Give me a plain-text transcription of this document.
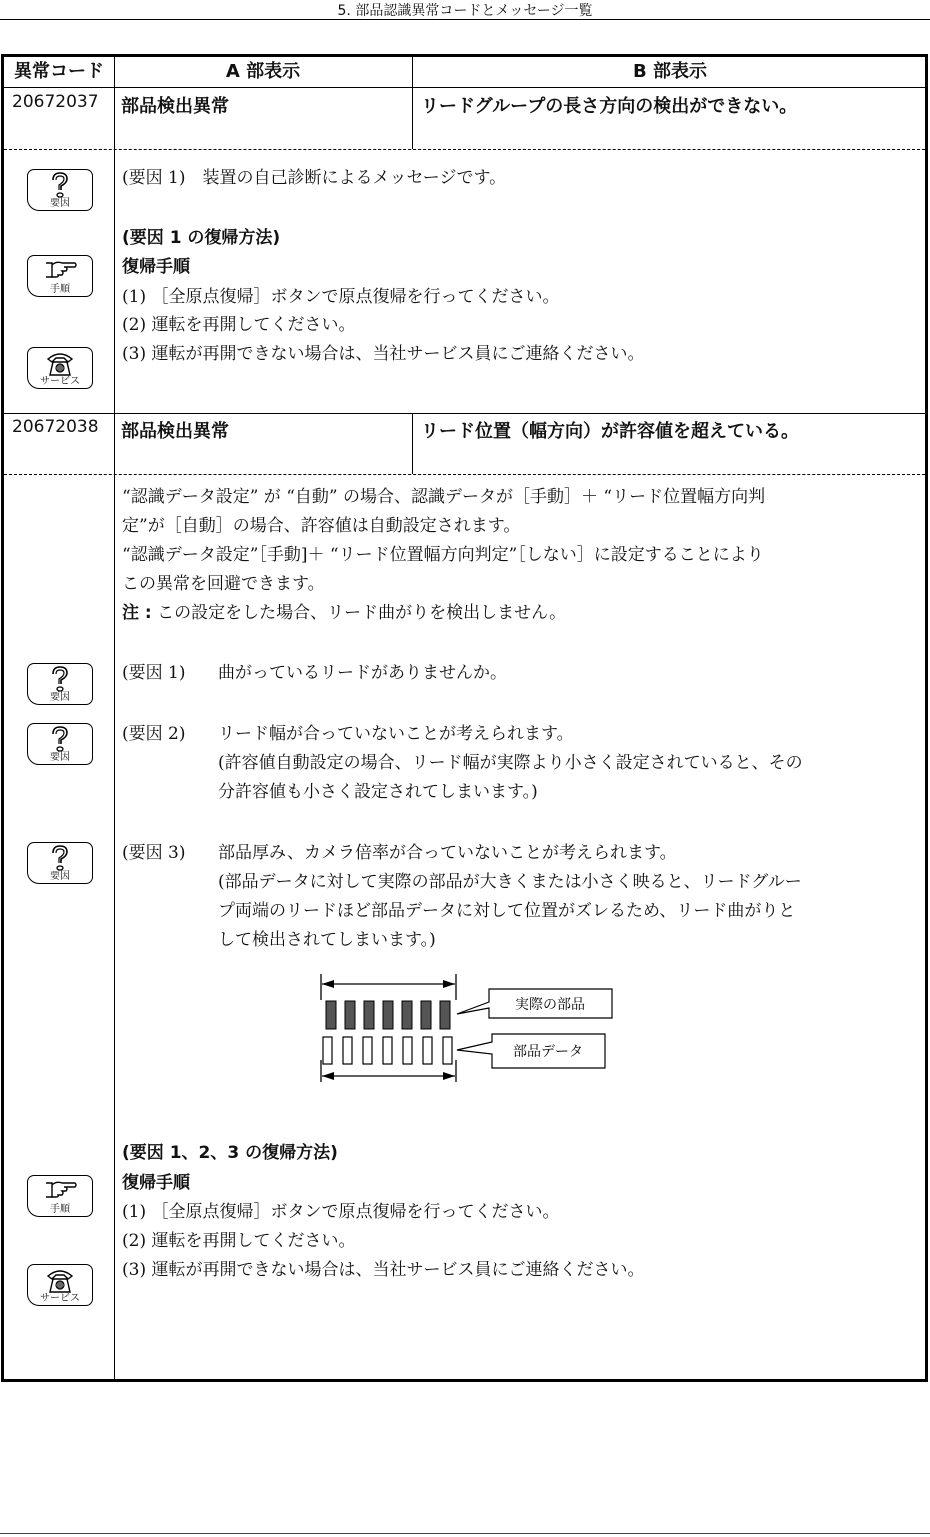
5. 部品認識異常コードとメッセージ一覧
異常コード	A 部表示	B 部表示
20672037 部品検出異常	リードグループの長さ方向の検出ができない。
要因
手順
サービス
(要因 1)　装置の自己診断によるメッセージです。
(要因 1 の復帰方法)
復帰手順
(1) ［全原点復帰］ボタンで原点復帰を行ってください。
(2) 運転を再開してください。
(3) 運転が再開できない場合は、当社サービス員にご連絡ください。
20672038 部品検出異常	リード位置（幅方向）が許容値を超えている。
要因
要因
要因
手順
サービス
“認識データ設定” が “自動” の場合、認識データが［手動］＋ “リード位置幅方向判
定”が［自動］の場合、許容値は自動設定されます。
“認識データ設定”［手動]＋ “リード位置幅方向判定”［しない］に設定することにより
この異常を回避できます。
注 : この設定をした場合、リード曲がりを検出しません。
(要因 1) 曲がっているリードがありませんか。
(要因 2) リード幅が合っていないことが考えられます。
(許容値自動設定の場合、リード幅が実際より小さく設定されていると、その
分許容値も小さく設定されてしまいます。)
(要因 3) 部品厚み、カメラ倍率が合っていないことが考えられます。
(部品データに対して実際の部品が大きくまたは小さく映ると、リードグルー
プ両端のリードほど部品データに対して位置がズレるため、リード曲がりと
して検出されてしまいます。)
(要因 1、2、3 の復帰方法)
復帰手順
(1) ［全原点復帰］ボタンで原点復帰を行ってください。
(2) 運転を再開してください。
(3) 運転が再開できない場合は、当社サービス員にご連絡ください。
実際の部品
部品データ
